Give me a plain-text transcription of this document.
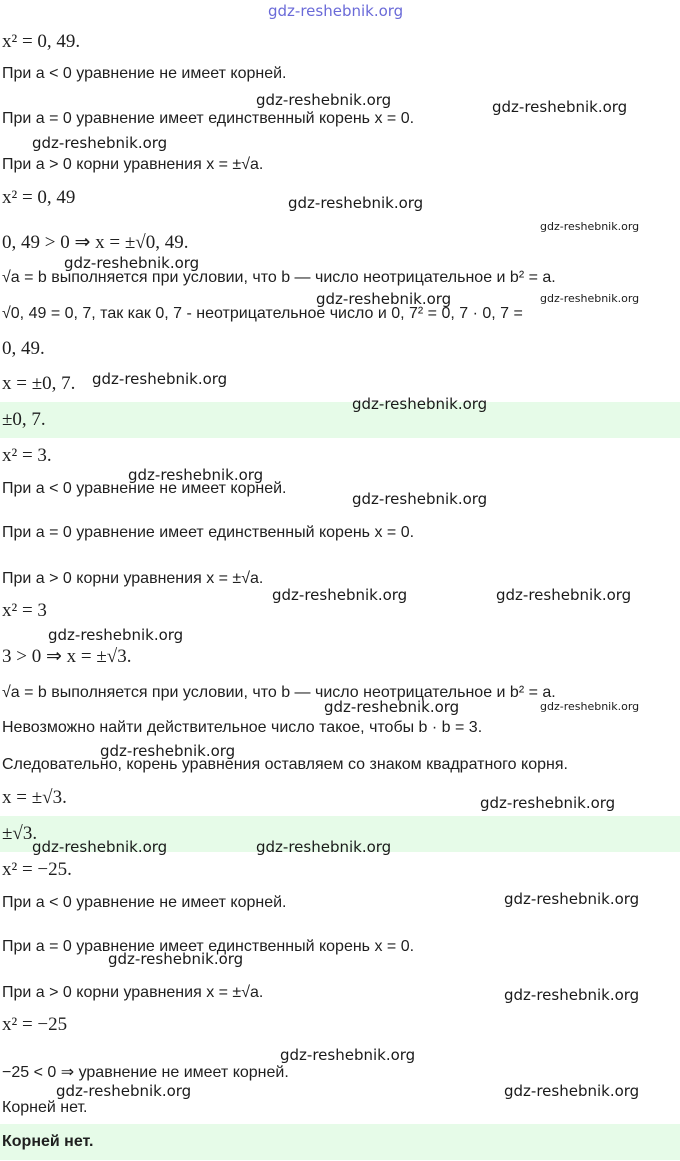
gdz-reshebnik.org
x² = 0, 49.
При a < 0 уравнение не имеет корней.
При a = 0 уравнение имеет единственный корень x = 0.
При a > 0 корни уравнения x = ±√a.
x² = 0, 49
0, 49 > 0 ⇒ x = ±√0, 49.
√a = b выполняется при условии, что b — число неотрицательное и b² = a.
√0, 49 = 0, 7, так как 0, 7 - неотрицательное число и 0, 7² = 0, 7 · 0, 7 =
0, 49.
x = ±0, 7.
±0, 7.
x² = 3.
При a < 0 уравнение не имеет корней.
При a = 0 уравнение имеет единственный корень x = 0.
При a > 0 корни уравнения x = ±√a.
x² = 3
3 > 0 ⇒ x = ±√3.
√a = b выполняется при условии, что b — число неотрицательное и b² = a.
Невозможно найти действительное число такое, чтобы b · b = 3.
Следовательно, корень уравнения оставляем со знаком квадратного корня.
x = ±√3.
±√3.
x² = −25.
При a < 0 уравнение не имеет корней.
При a = 0 уравнение имеет единственный корень x = 0.
При a > 0 корни уравнения x = ±√a.
x² = −25
−25 < 0 ⇒ уравнение не имеет корней.
Корней нет.
Корней нет.
gdz-reshebnik.org	gdz-reshebnik.org
gdz-reshebnik.org
gdz-reshebnik.org
gdz-reshebnik.org
gdz-reshebnik.org
gdz-reshebnik.org	gdz-reshebnik.org
gdz-reshebnik.org
gdz-reshebnik.org
gdz-reshebnik.org
gdz-reshebnik.org
gdz-reshebnik.org	gdz-reshebnik.org
gdz-reshebnik.org
gdz-reshebnik.org	gdz-reshebnik.org
gdz-reshebnik.org
gdz-reshebnik.org
gdz-reshebnik.org	gdz-reshebnik.org
gdz-reshebnik.org
gdz-reshebnik.org
gdz-reshebnik.org
gdz-reshebnik.org
gdz-reshebnik.org	gdz-reshebnik.org
